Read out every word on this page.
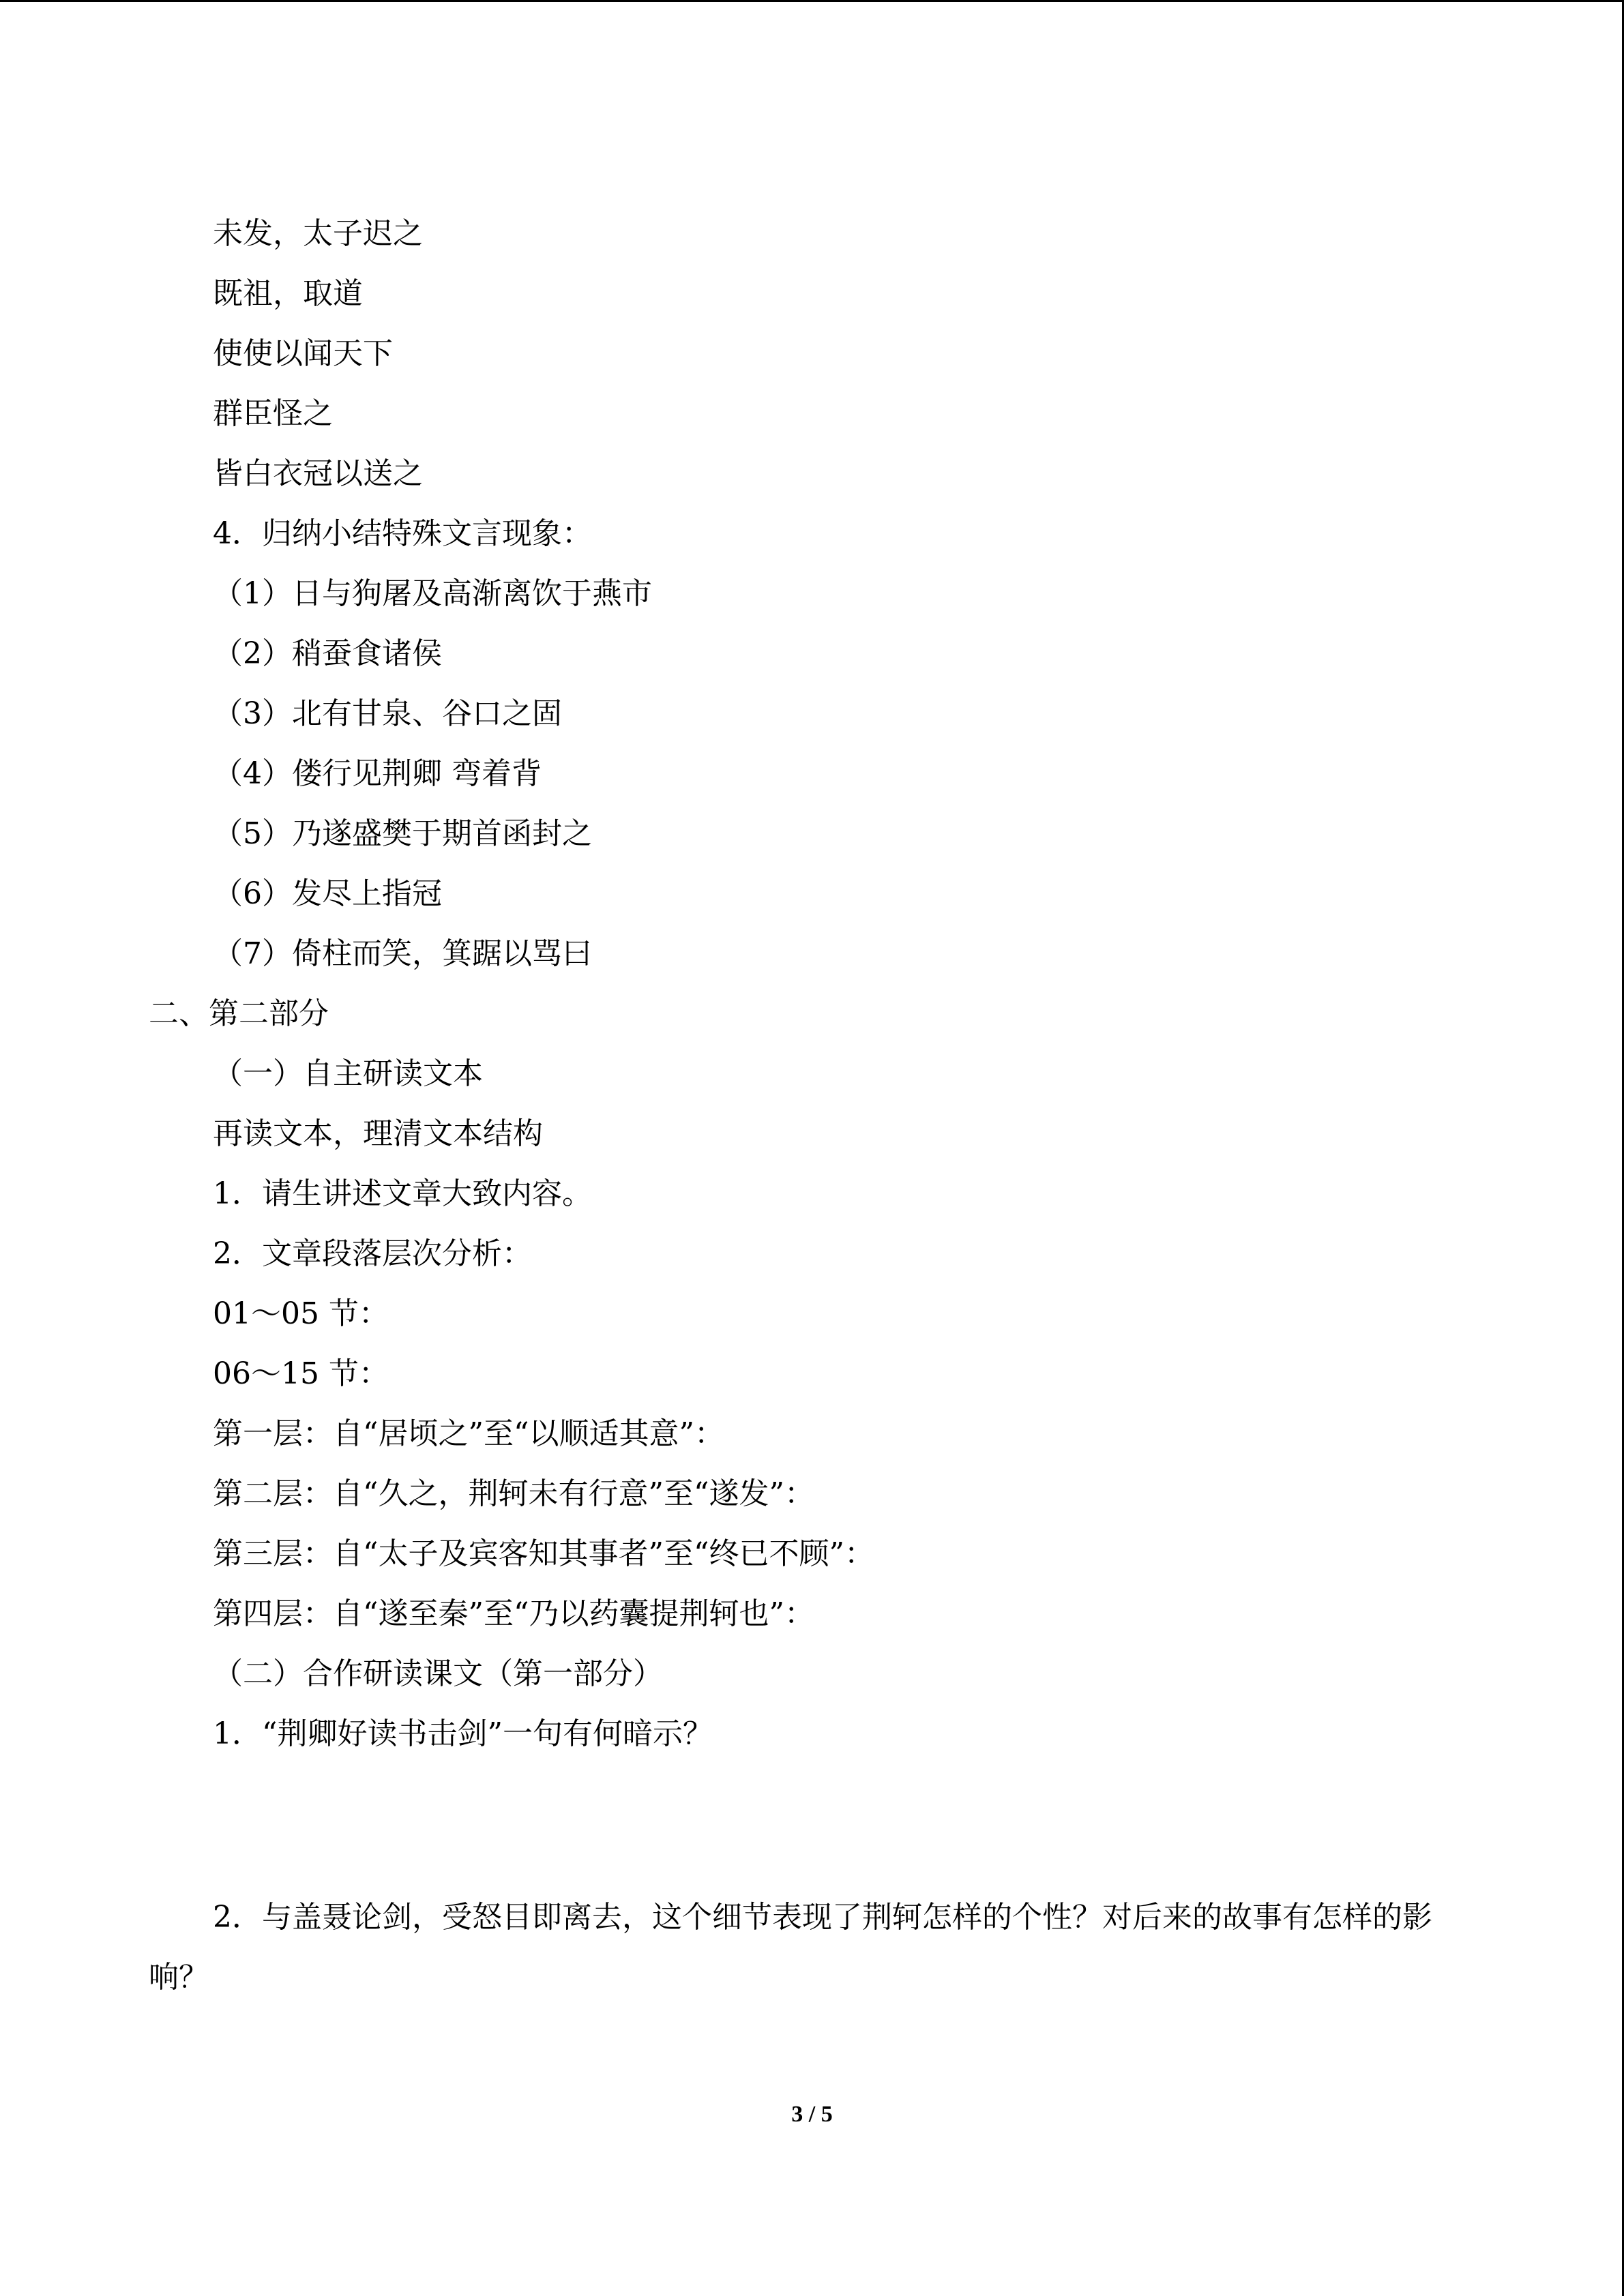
未发，太子迟之
既祖，取道
使使以闻天下
群臣怪之
皆白衣冠以送之
4．归纳小结特殊文言现象：
（1）日与狗屠及高渐离饮于燕市
（2）稍蚕食诸侯
（3）北有甘泉、谷口之固
（4）偻行见荆卿 弯着背
（5）乃遂盛樊于期首函封之
（6）发尽上指冠
（7）倚柱而笑，箕踞以骂曰
二、第二部分
（一）自主研读文本
再读文本，理清文本结构
1．请生讲述文章大致内容。
2．文章段落层次分析：
01～05 节：
06～15 节：
第一层：自“居顷之”至“以顺适其意”：
第二层：自“久之，荆轲未有行意”至“遂发”：
第三层：自“太子及宾客知其事者”至“终已不顾”：
第四层：自“遂至秦”至“乃以药囊提荆轲也”：
（二）合作研读课文（第一部分）
1．“荆卿好读书击剑”一句有何暗示？
2．与盖聂论剑，受怒目即离去，这个细节表现了荆轲怎样的个性？对后来的故事有怎样的影响？
3 / 5
